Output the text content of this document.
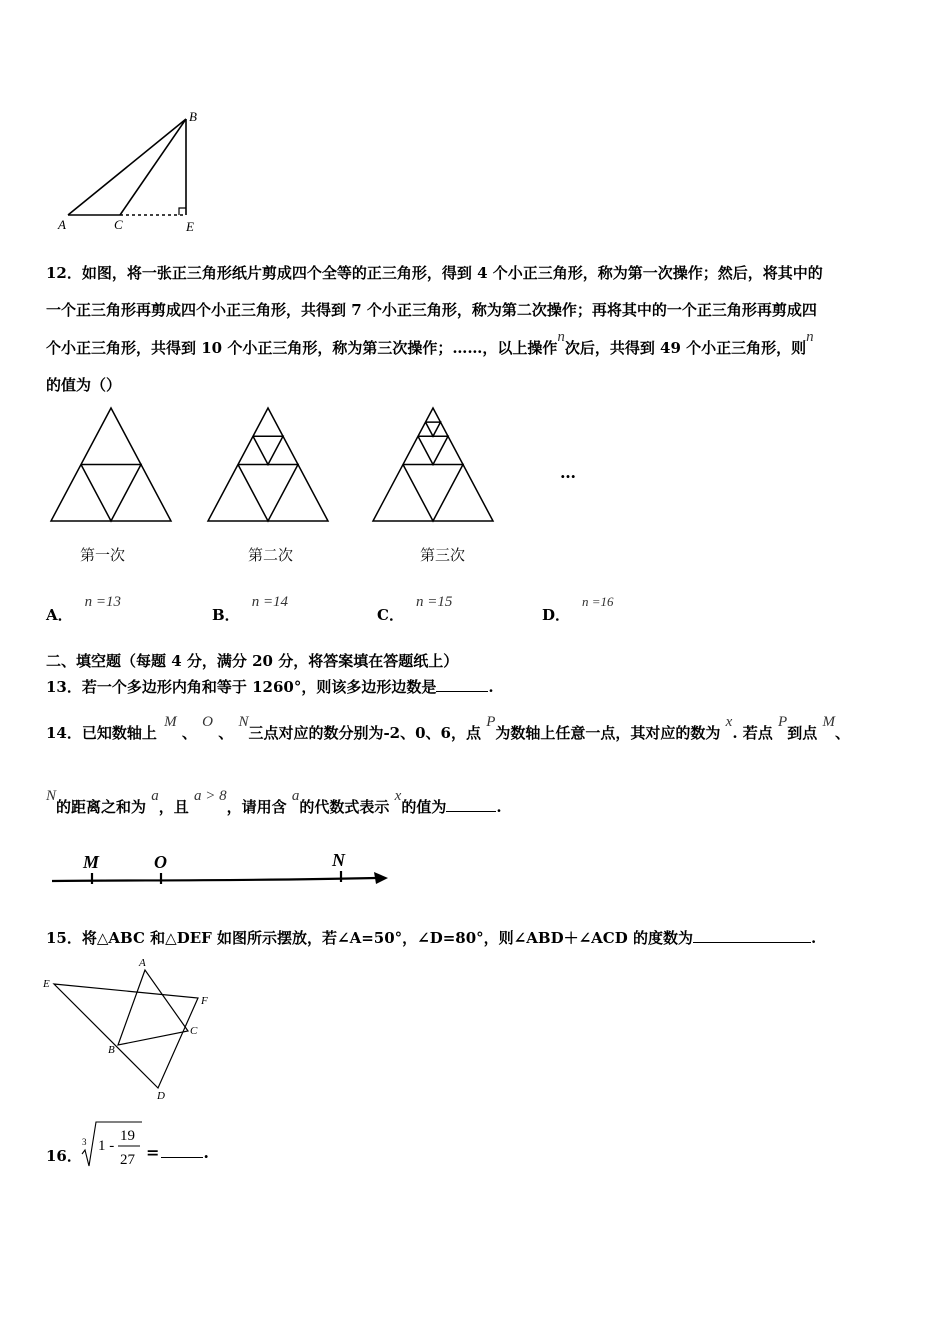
B
A	C	E
12．如图，将一张正三角形纸片剪成四个全等的正三角形，得到 4 个小正三角形，称为第一次操作；然后，将其中的
一个正三角形再剪成四个小正三角形，共得到 7 个小正三角形，称为第二次操作；再将其中的一个正三角形再剪成四
个小正三角形，共得到 10 个小正三角形，称为第三次操作；……，以上操作n次后，共得到 49 个小正三角形，则n
的值为（）
…
第一次	第二次	第三次
A．n =13
B．n =14
C．n =15
D．n =16
二、填空题（每题 4 分，满分 20 分，将答案填在答题纸上）
13．若一个多边形内角和等于 1260°，则该多边形边数是	.
14．已知数轴上 M 、 O 、 N三点对应的数分别为-2、0、6，点 P为数轴上任意一点，其对应的数为 x. 若点 P到点 M、
N的距离之和为 a，且 a > 8，请用含 a的代数式表示 x的值为	.
M	O	N
15．将△ABC 和△DEF 如图所示摆放，若∠A=50°，∠D=80°，则∠ABD＋∠ACD 的度数为	.
A
E
F
C
B
D
16．
3 1 -
19
27 =	.
